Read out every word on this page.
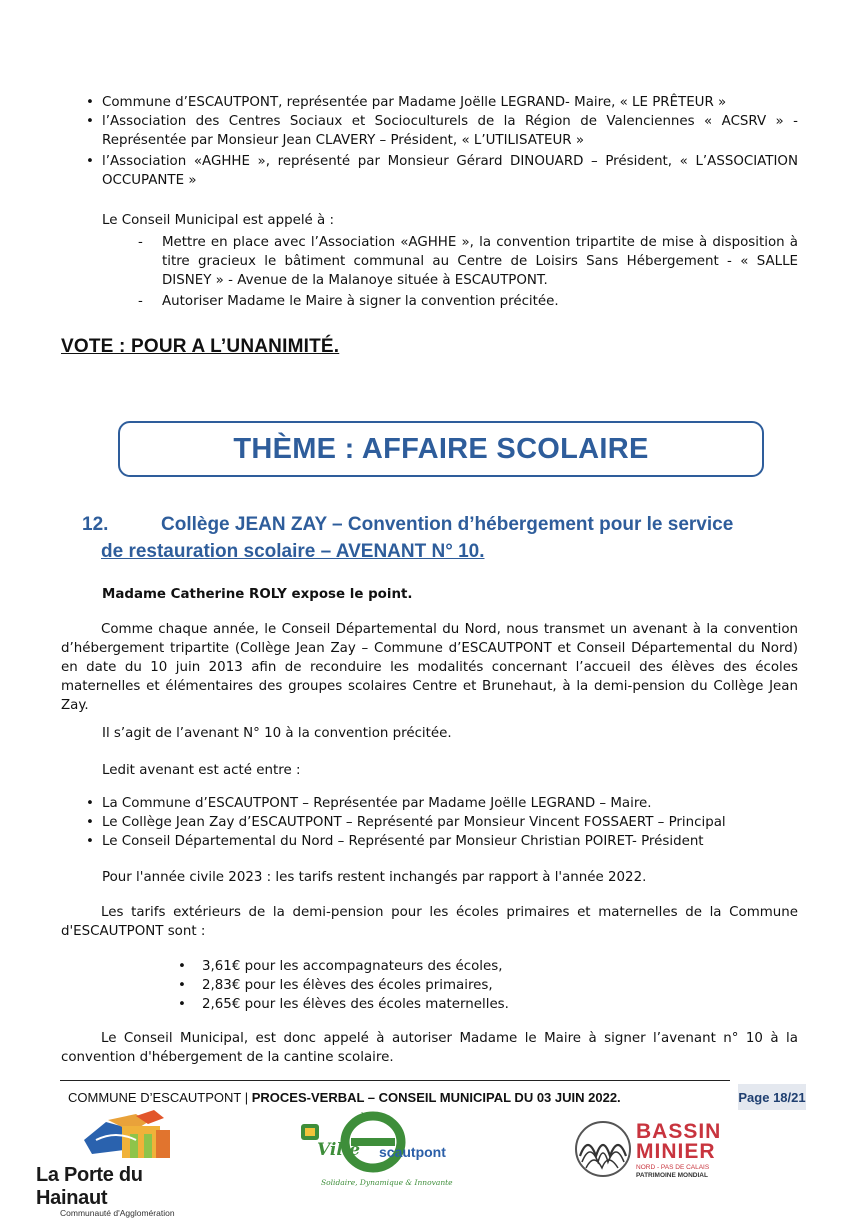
• Commune d’ESCAUTPONT, représentée par Madame Joëlle LEGRAND- Maire, « LE PRÊTEUR »
• l’Association des Centres Sociaux et Socioculturels de la Région de Valenciennes « ACSRV » - Représentée par Monsieur Jean CLAVERY – Président, « L’UTILISATEUR »
• l’Association «AGHHE », représenté par Monsieur Gérard DINOUARD – Président, « L’ASSOCIATION OCCUPANTE »
Le Conseil Municipal est appelé à :
- Mettre en place avec l’Association «AGHHE », la convention tripartite de mise à disposition à titre gracieux le bâtiment communal au Centre de Loisirs Sans Hébergement - « SALLE DISNEY » - Avenue de la Malanoye située à ESCAUTPONT.
- Autoriser Madame le Maire à signer la convention précitée.
VOTE : POUR A L’UNANIMITÉ.
THÈME : AFFAIRE SCOLAIRE
12.	Collège JEAN ZAY – Convention d’hébergement pour le service
de restauration scolaire – AVENANT N° 10.
Madame Catherine ROLY expose le point.
Comme chaque année, le Conseil Départemental du Nord, nous transmet un avenant à la convention d’hébergement tripartite (Collège Jean Zay – Commune d’ESCAUTPONT et Conseil Départemental du Nord) en date du 10 juin 2013 afin de reconduire les modalités concernant l’accueil des élèves des écoles maternelles et élémentaires des groupes scolaires Centre et Brunehaut, à la demi-pension du Collège Jean Zay.
Il s’agit de l’avenant N° 10 à la convention précitée.
Ledit avenant est acté entre :
• La Commune d’ESCAUTPONT – Représentée par Madame Joëlle LEGRAND – Maire.
• Le Collège Jean Zay d’ESCAUTPONT – Représenté par Monsieur Vincent FOSSAERT – Principal
• Le Conseil Départemental du Nord – Représenté par Monsieur Christian POIRET- Président
Pour l'année civile 2023 : les tarifs restent inchangés par rapport à l'année 2022.
Les tarifs extérieurs de la demi-pension pour les écoles primaires et maternelles de la Commune d'ESCAUTPONT sont :
• 3,61€ pour les accompagnateurs des écoles,
• 2,83€ pour les élèves des écoles primaires,
• 2,65€ pour les élèves des écoles maternelles.
Le Conseil Municipal, est donc appelé à autoriser Madame le Maire à signer l’avenant n° 10 à la convention d'hébergement de la cantine scolaire.
COMMUNE D’ESCAUTPONT | PROCES-VERBAL – CONSEIL MUNICIPAL DU 03 JUIN 2022.	Page 18/21
La Porte du Hainaut
Communauté d'Agglomération
d'
Ville scautpont
Solidaire, Dynamique & Innovante
BASSIN
MINIER
NORD - PAS DE CALAIS
PATRIMOINE MONDIAL
